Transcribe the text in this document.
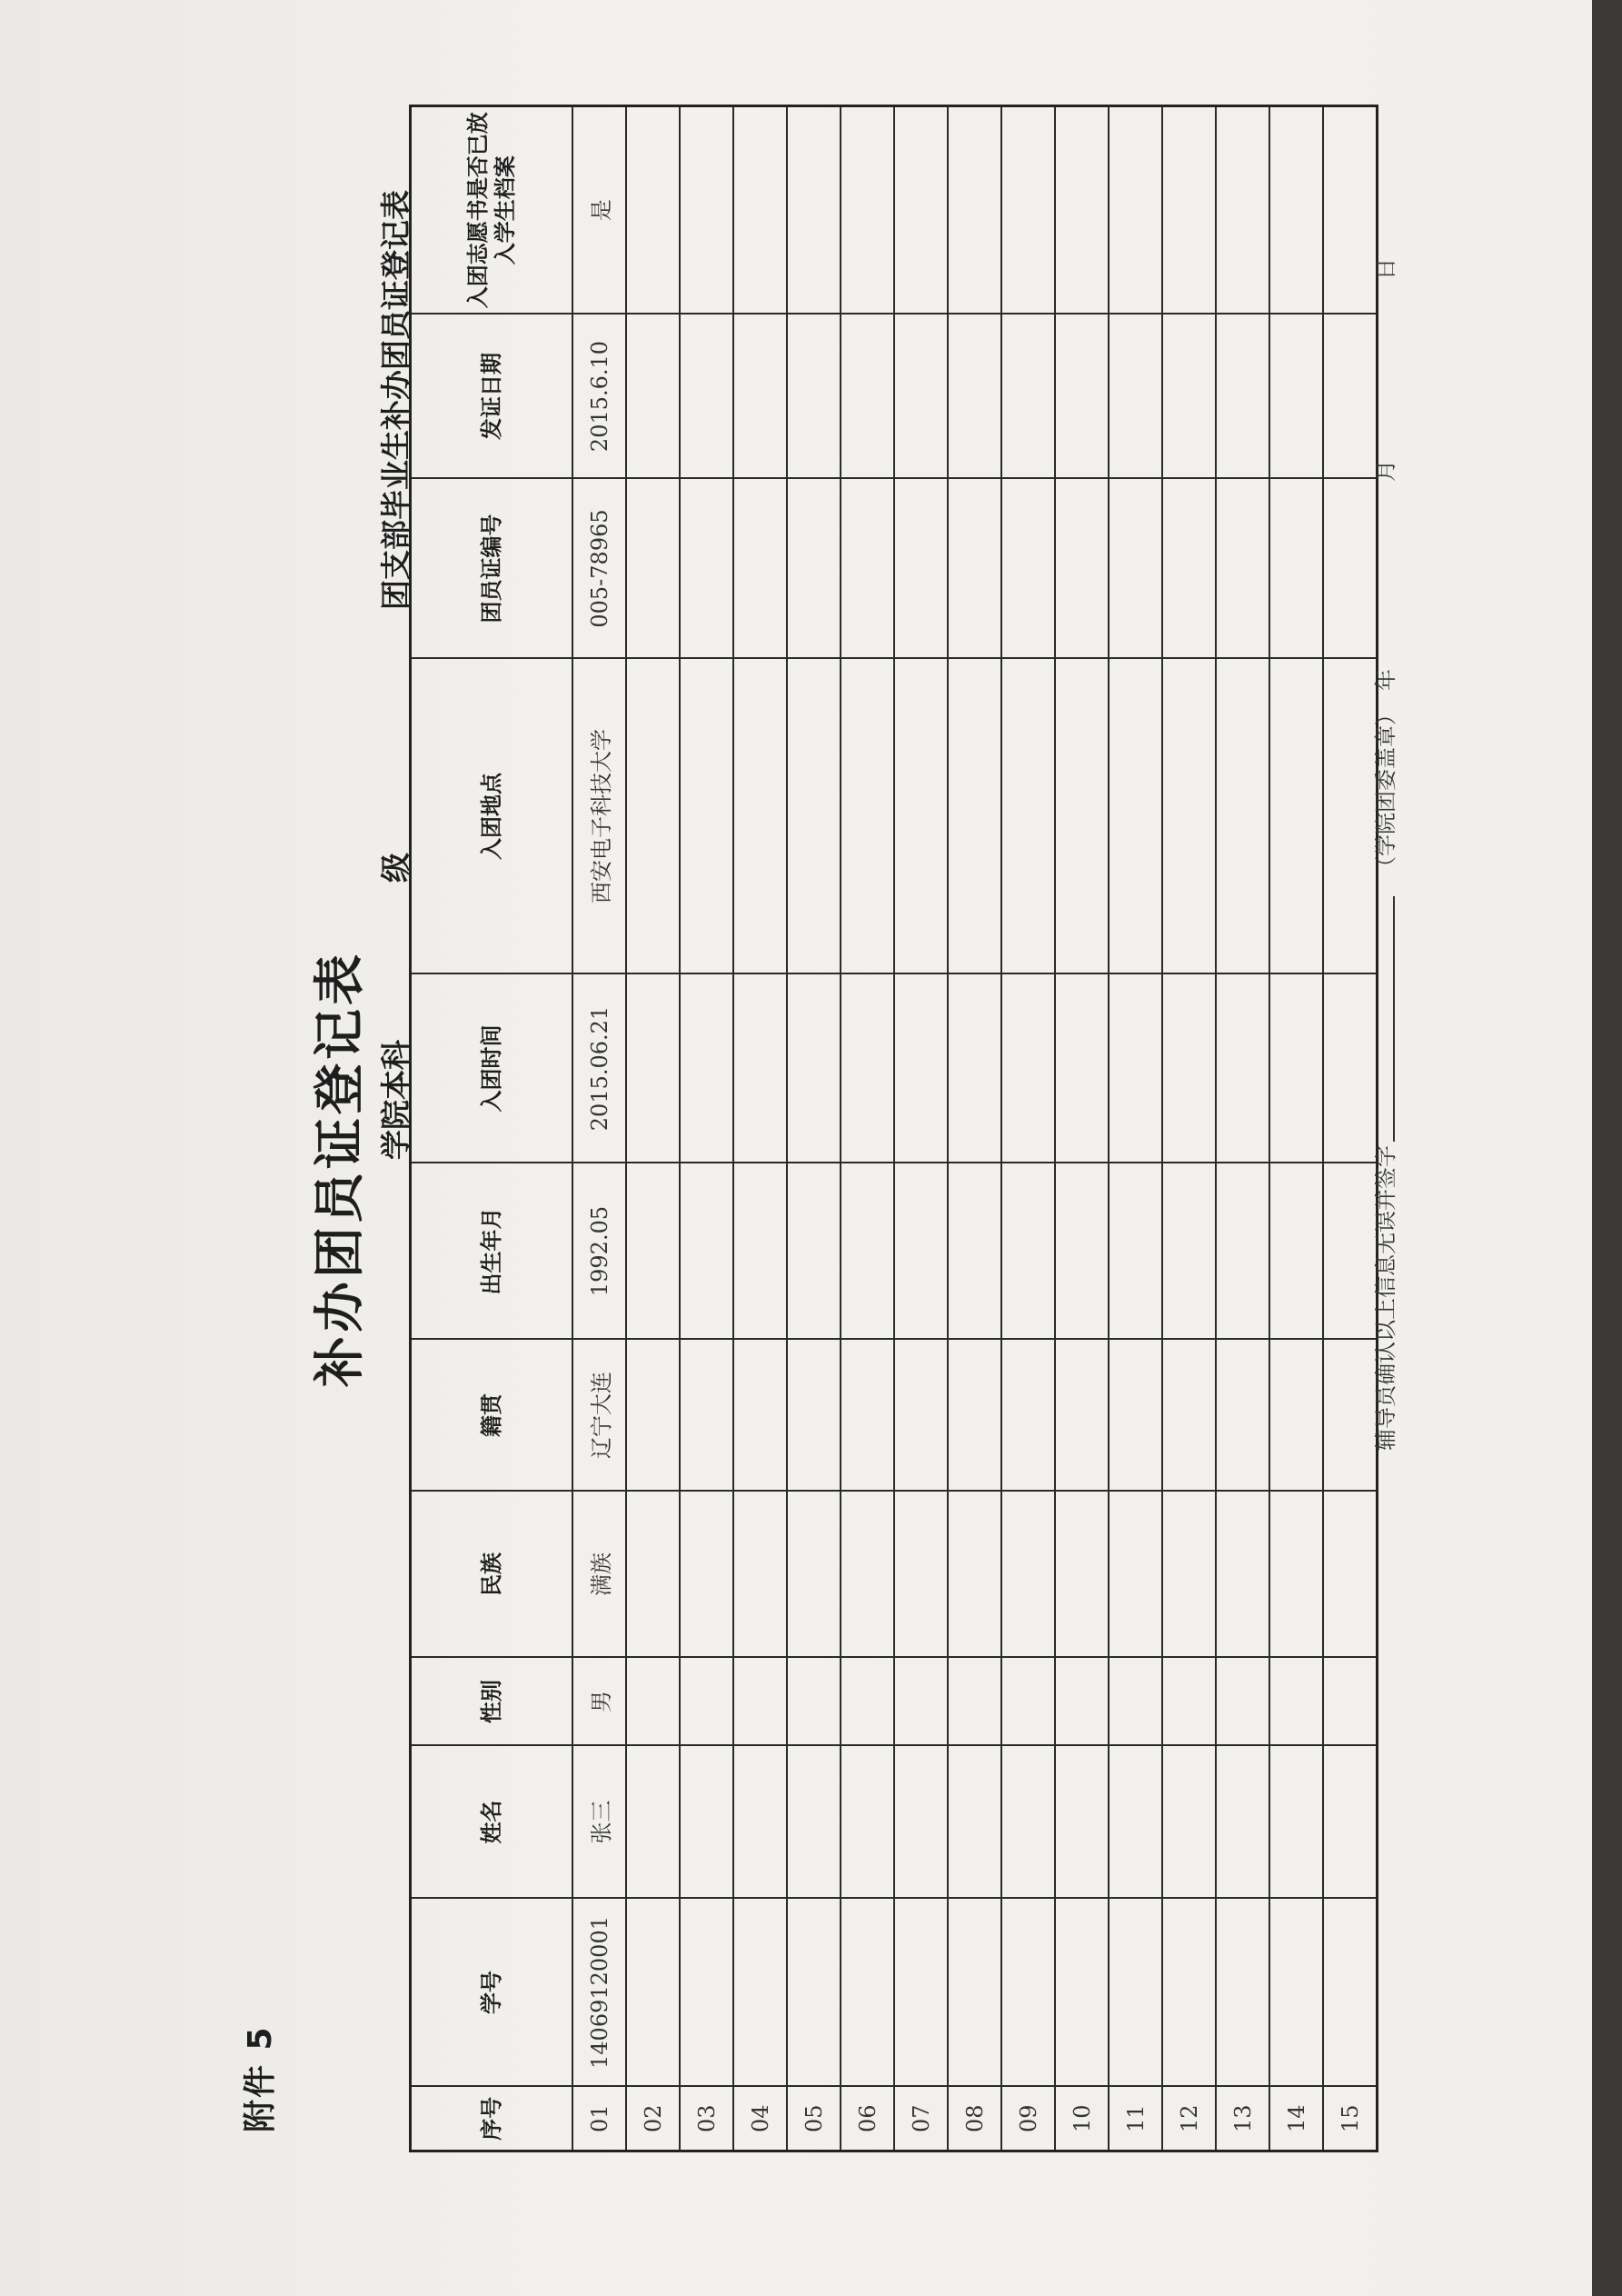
附件 5
补办团员证登记表 学院本科
级
团支部毕业生补办团员证登记表
序号	学号	姓名	性别	民族	籍贯	出生年月	入团时间	入团地点	团员证编号	发证日期	入团志愿书是否已放入学生档案
01	14069120001	张三	男	满族	辽宁大连	1992.05	2015.06.21	西安电子科技大学	005-78965	2015.6.10	是
02											
03											
04											
05											
06											
07											
08											
09											
10											
11											
12											
13											
14											
15											
辅导员确认以上信息无误并签字
（学院团委盖章）
年
月
日
